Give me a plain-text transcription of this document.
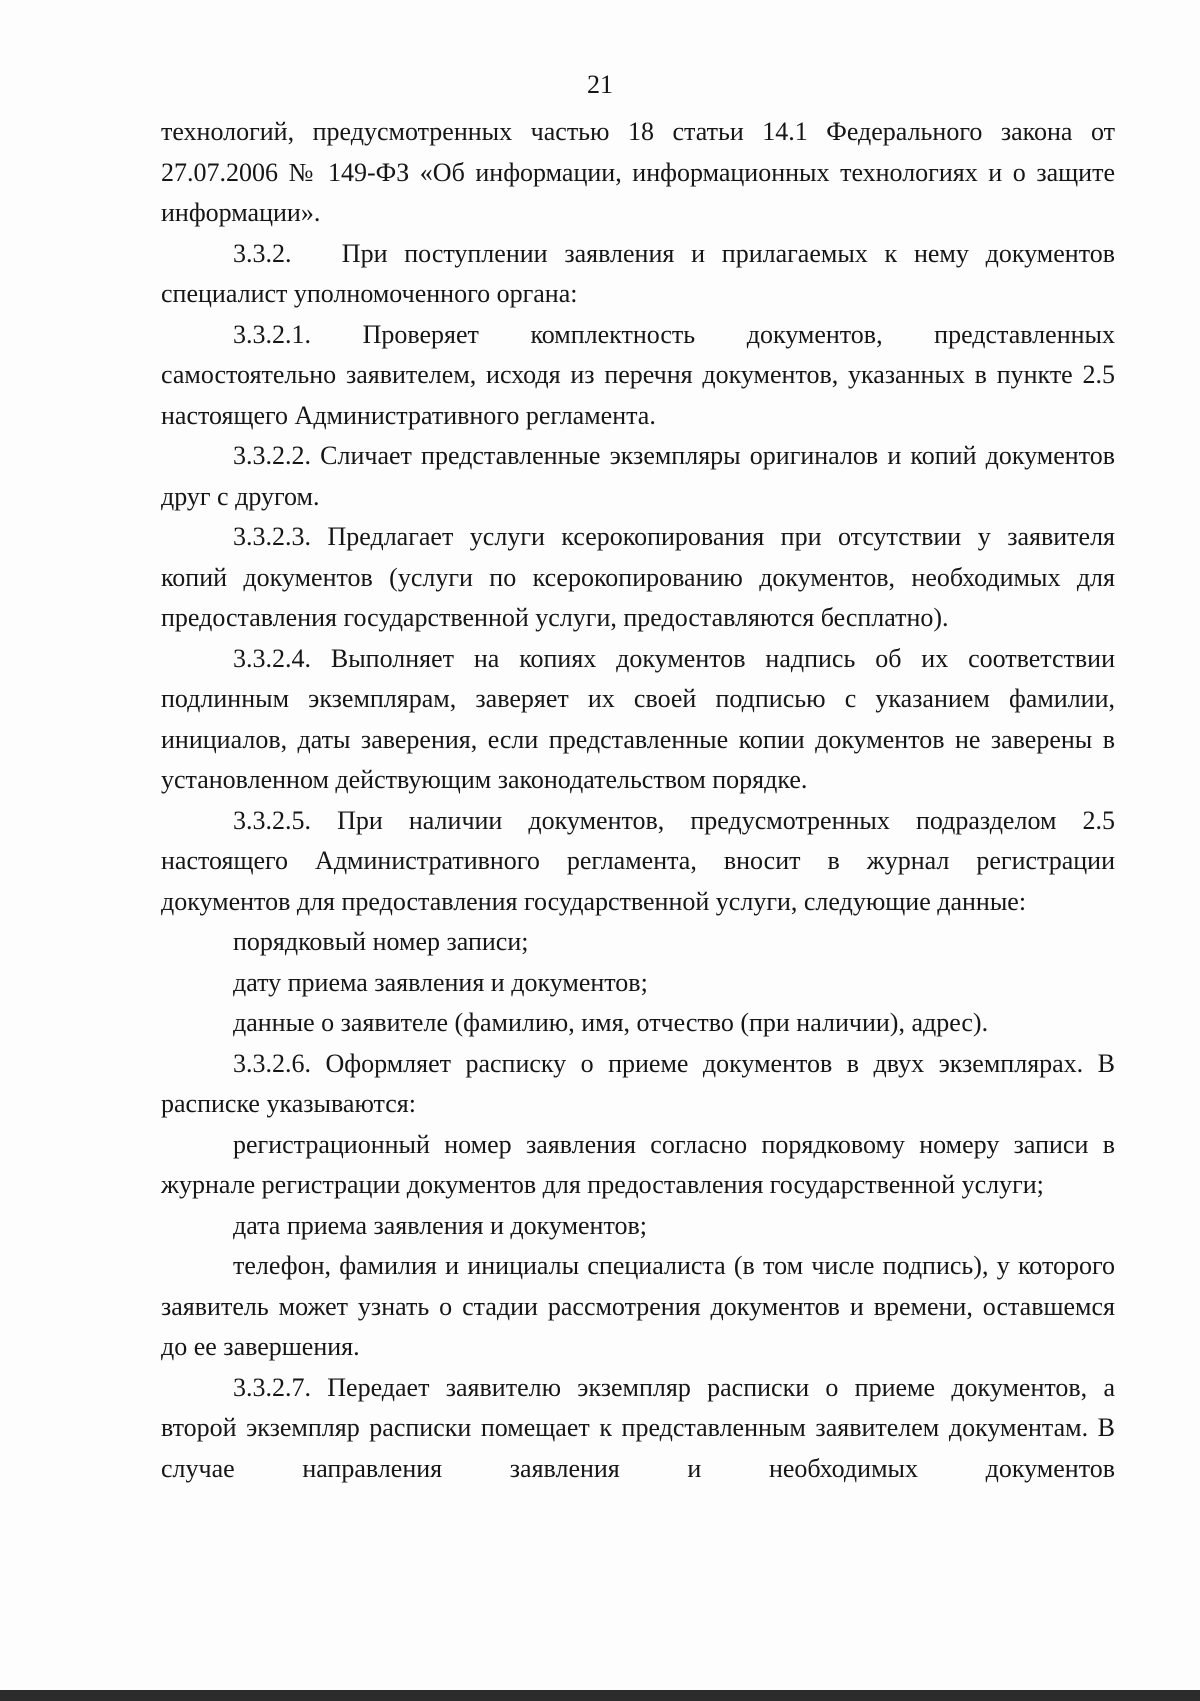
21

технологий, предусмотренных частью 18 статьи 14.1 Федерального закона от 27.07.2006 № 149-ФЗ «Об информации, информационных технологиях и о защите информации».

3.3.2.   При поступлении заявления и прилагаемых к нему документов специалист уполномоченного органа:

3.3.2.1. Проверяет комплектность документов, представленных самостоятельно заявителем, исходя из перечня документов, указанных в пункте 2.5 настоящего Административного регламента.

3.3.2.2. Сличает представленные экземпляры оригиналов и копий документов друг с другом.

3.3.2.3. Предлагает услуги ксерокопирования при отсутствии у заявителя копий документов (услуги по ксерокопированию документов, необходимых для предоставления государственной услуги, предоставляются бесплатно).

3.3.2.4. Выполняет на копиях документов надпись об их соответствии подлинным экземплярам, заверяет их своей подписью с указанием фамилии, инициалов, даты заверения, если представленные копии документов не заверены в установленном действующим законодательством порядке.

3.3.2.5. При наличии документов, предусмотренных подразделом 2.5 настоящего Административного регламента, вносит в журнал регистрации документов для предоставления государственной услуги, следующие данные:

порядковый номер записи;

дату приема заявления и документов;

данные о заявителе (фамилию, имя, отчество (при наличии), адрес).

3.3.2.6. Оформляет расписку о приеме документов в двух экземплярах. В расписке указываются:

регистрационный номер заявления согласно порядковому номеру записи в журнале регистрации документов для предоставления государственной услуги;

дата приема заявления и документов;

телефон, фамилия и инициалы специалиста (в том числе подпись), у которого заявитель может узнать о стадии рассмотрения документов и времени, оставшемся до ее завершения.

3.3.2.7. Передает заявителю экземпляр расписки о приеме документов, а второй экземпляр расписки помещает к представленным заявителем документам. В случае направления заявления и необходимых документов
